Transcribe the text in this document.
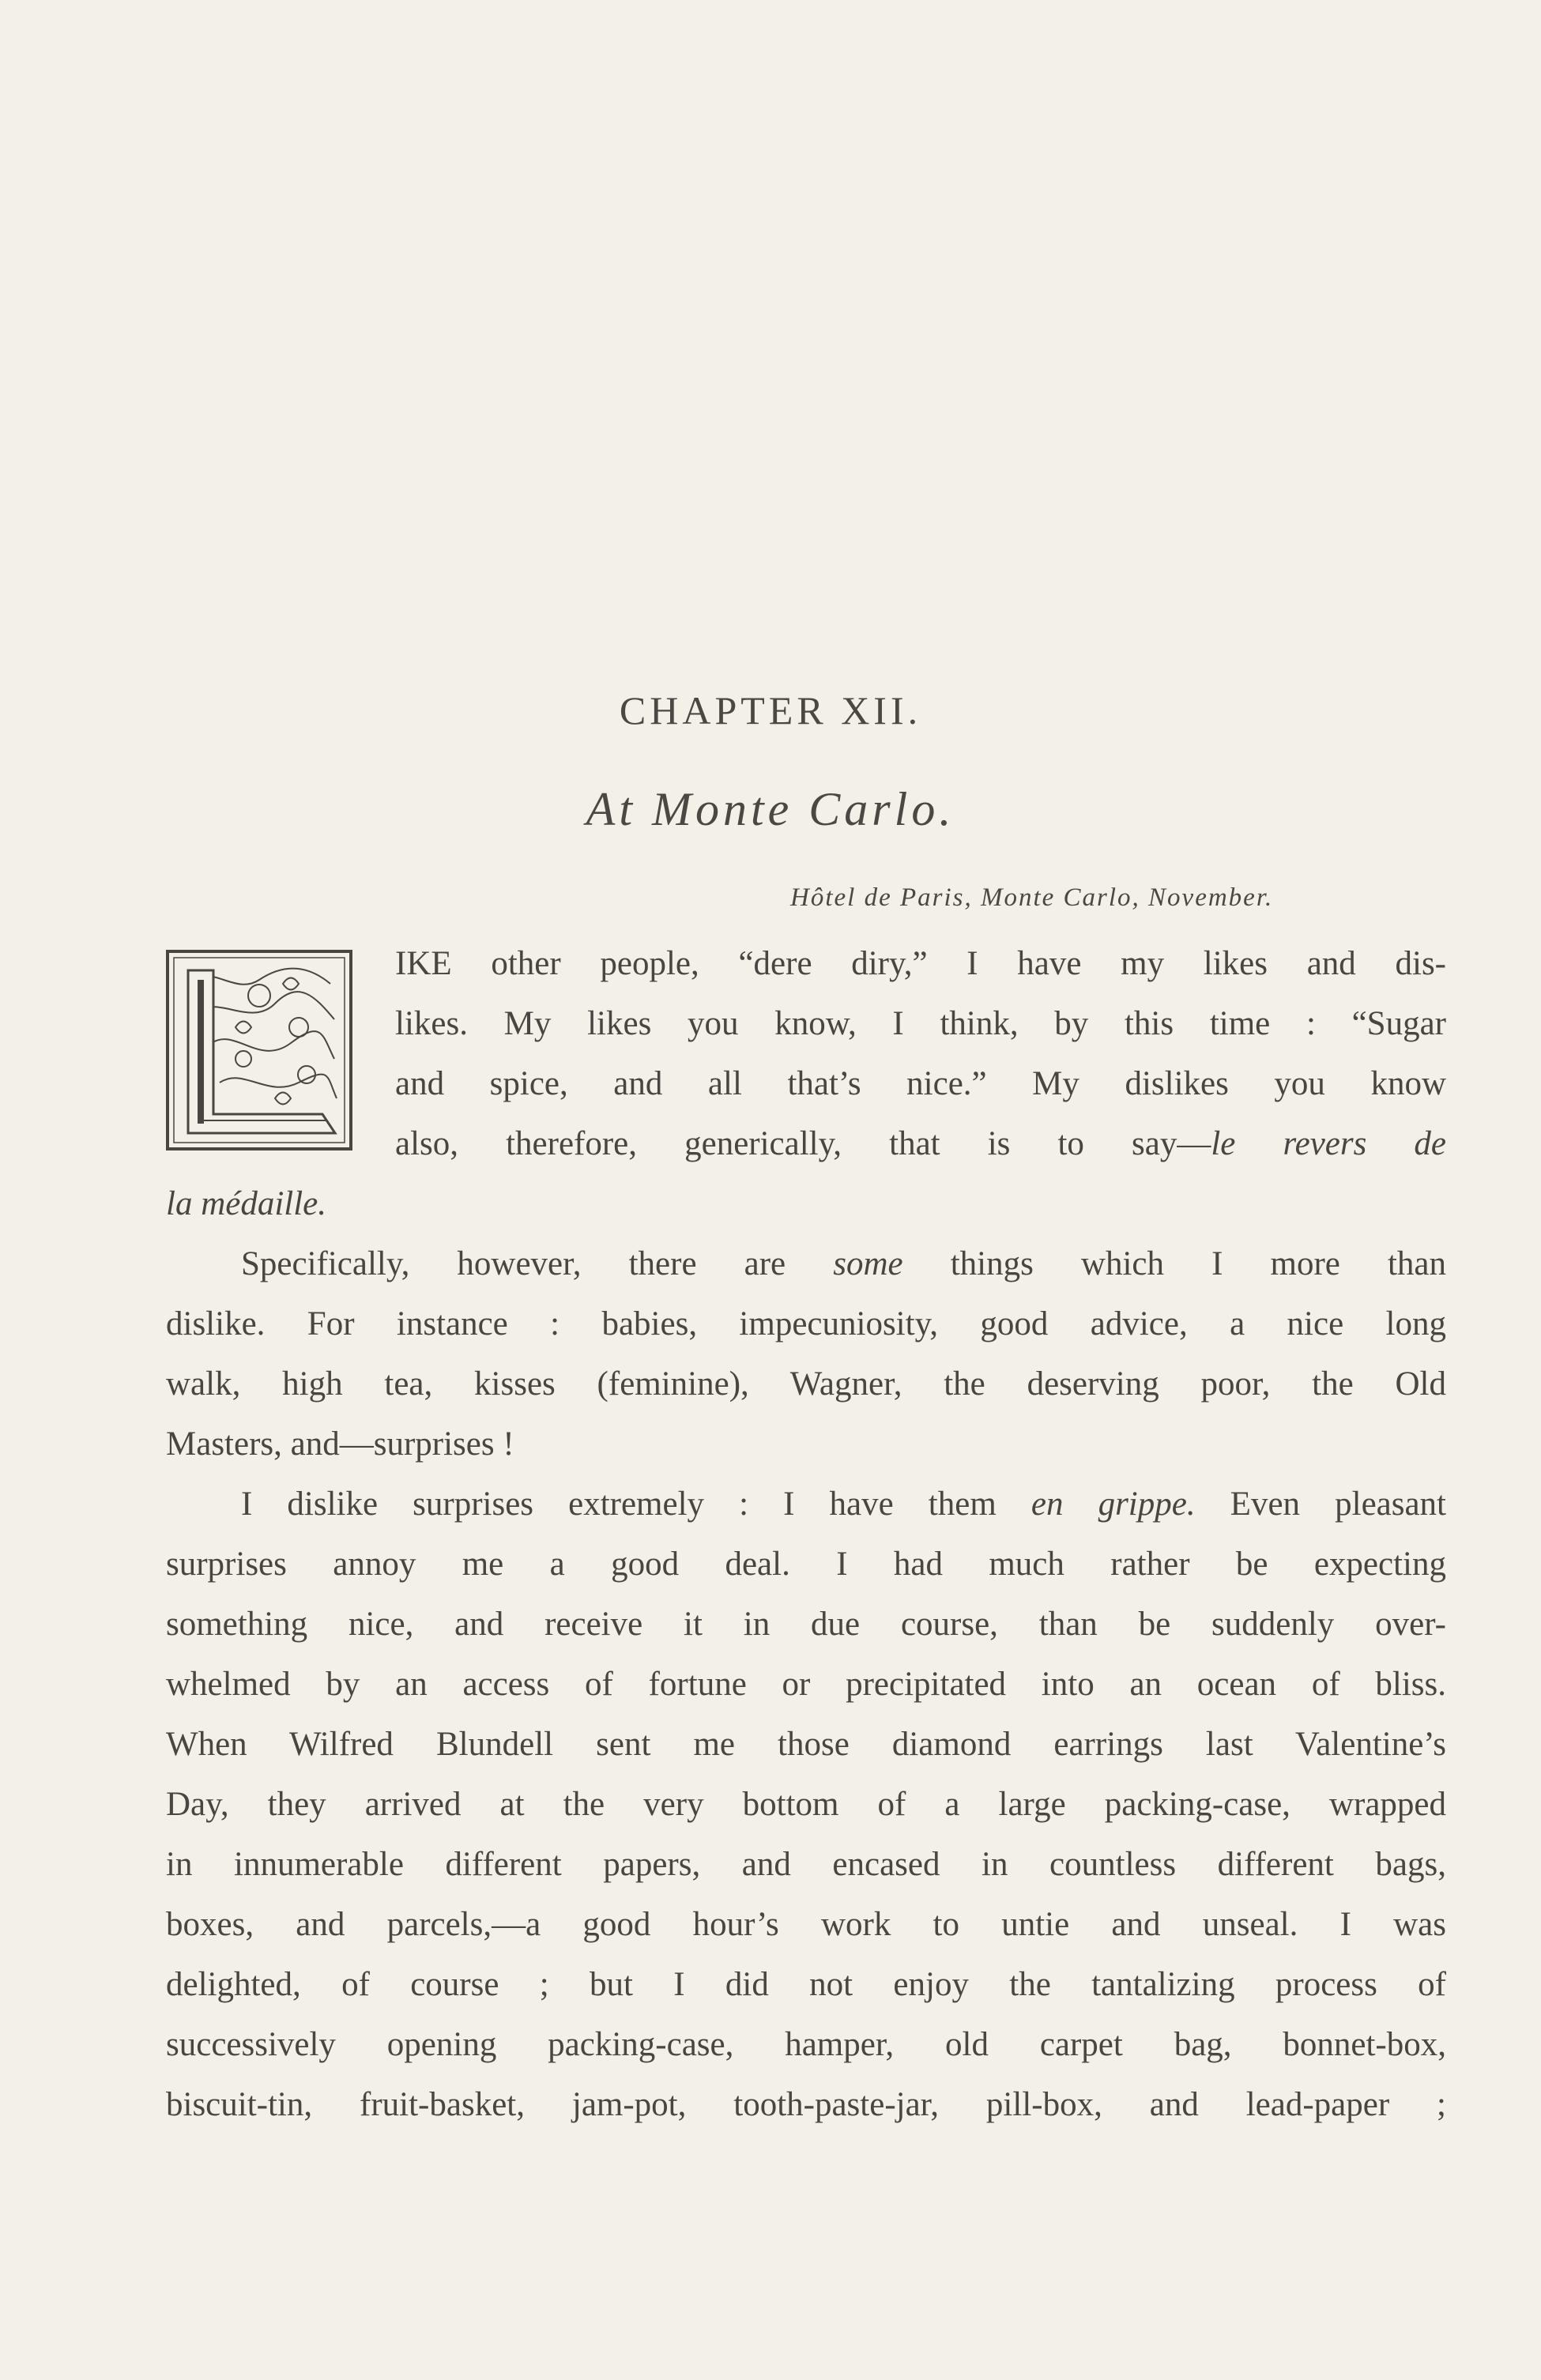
CHAPTER XII.
At Monte Carlo.
Hôtel de Paris, Monte Carlo, November.
IKE other people, “dere diry,” I have my likes and dis-
likes. My likes you know, I think, by this time : “Sugar
and spice, and all that’s nice.” My dislikes you know
also, therefore, generically, that is to say—le revers de
la médaille.
Specifically, however, there are some things which I more than
dislike. For instance : babies, impecuniosity, good advice, a nice long
walk, high tea, kisses (feminine), Wagner, the deserving poor, the Old
Masters, and—surprises !
I dislike surprises extremely : I have them en grippe. Even pleasant
surprises annoy me a good deal. I had much rather be expecting
something nice, and receive it in due course, than be suddenly over-
whelmed by an access of fortune or precipitated into an ocean of bliss.
When Wilfred Blundell sent me those diamond earrings last Valentine’s
Day, they arrived at the very bottom of a large packing-case, wrapped
in innumerable different papers, and encased in countless different bags,
boxes, and parcels,—a good hour’s work to untie and unseal. I was
delighted, of course ; but I did not enjoy the tantalizing process of
successively opening packing-case, hamper, old carpet bag, bonnet-box,
biscuit-tin, fruit-basket, jam-pot, tooth-paste-jar, pill-box, and lead-paper ;
